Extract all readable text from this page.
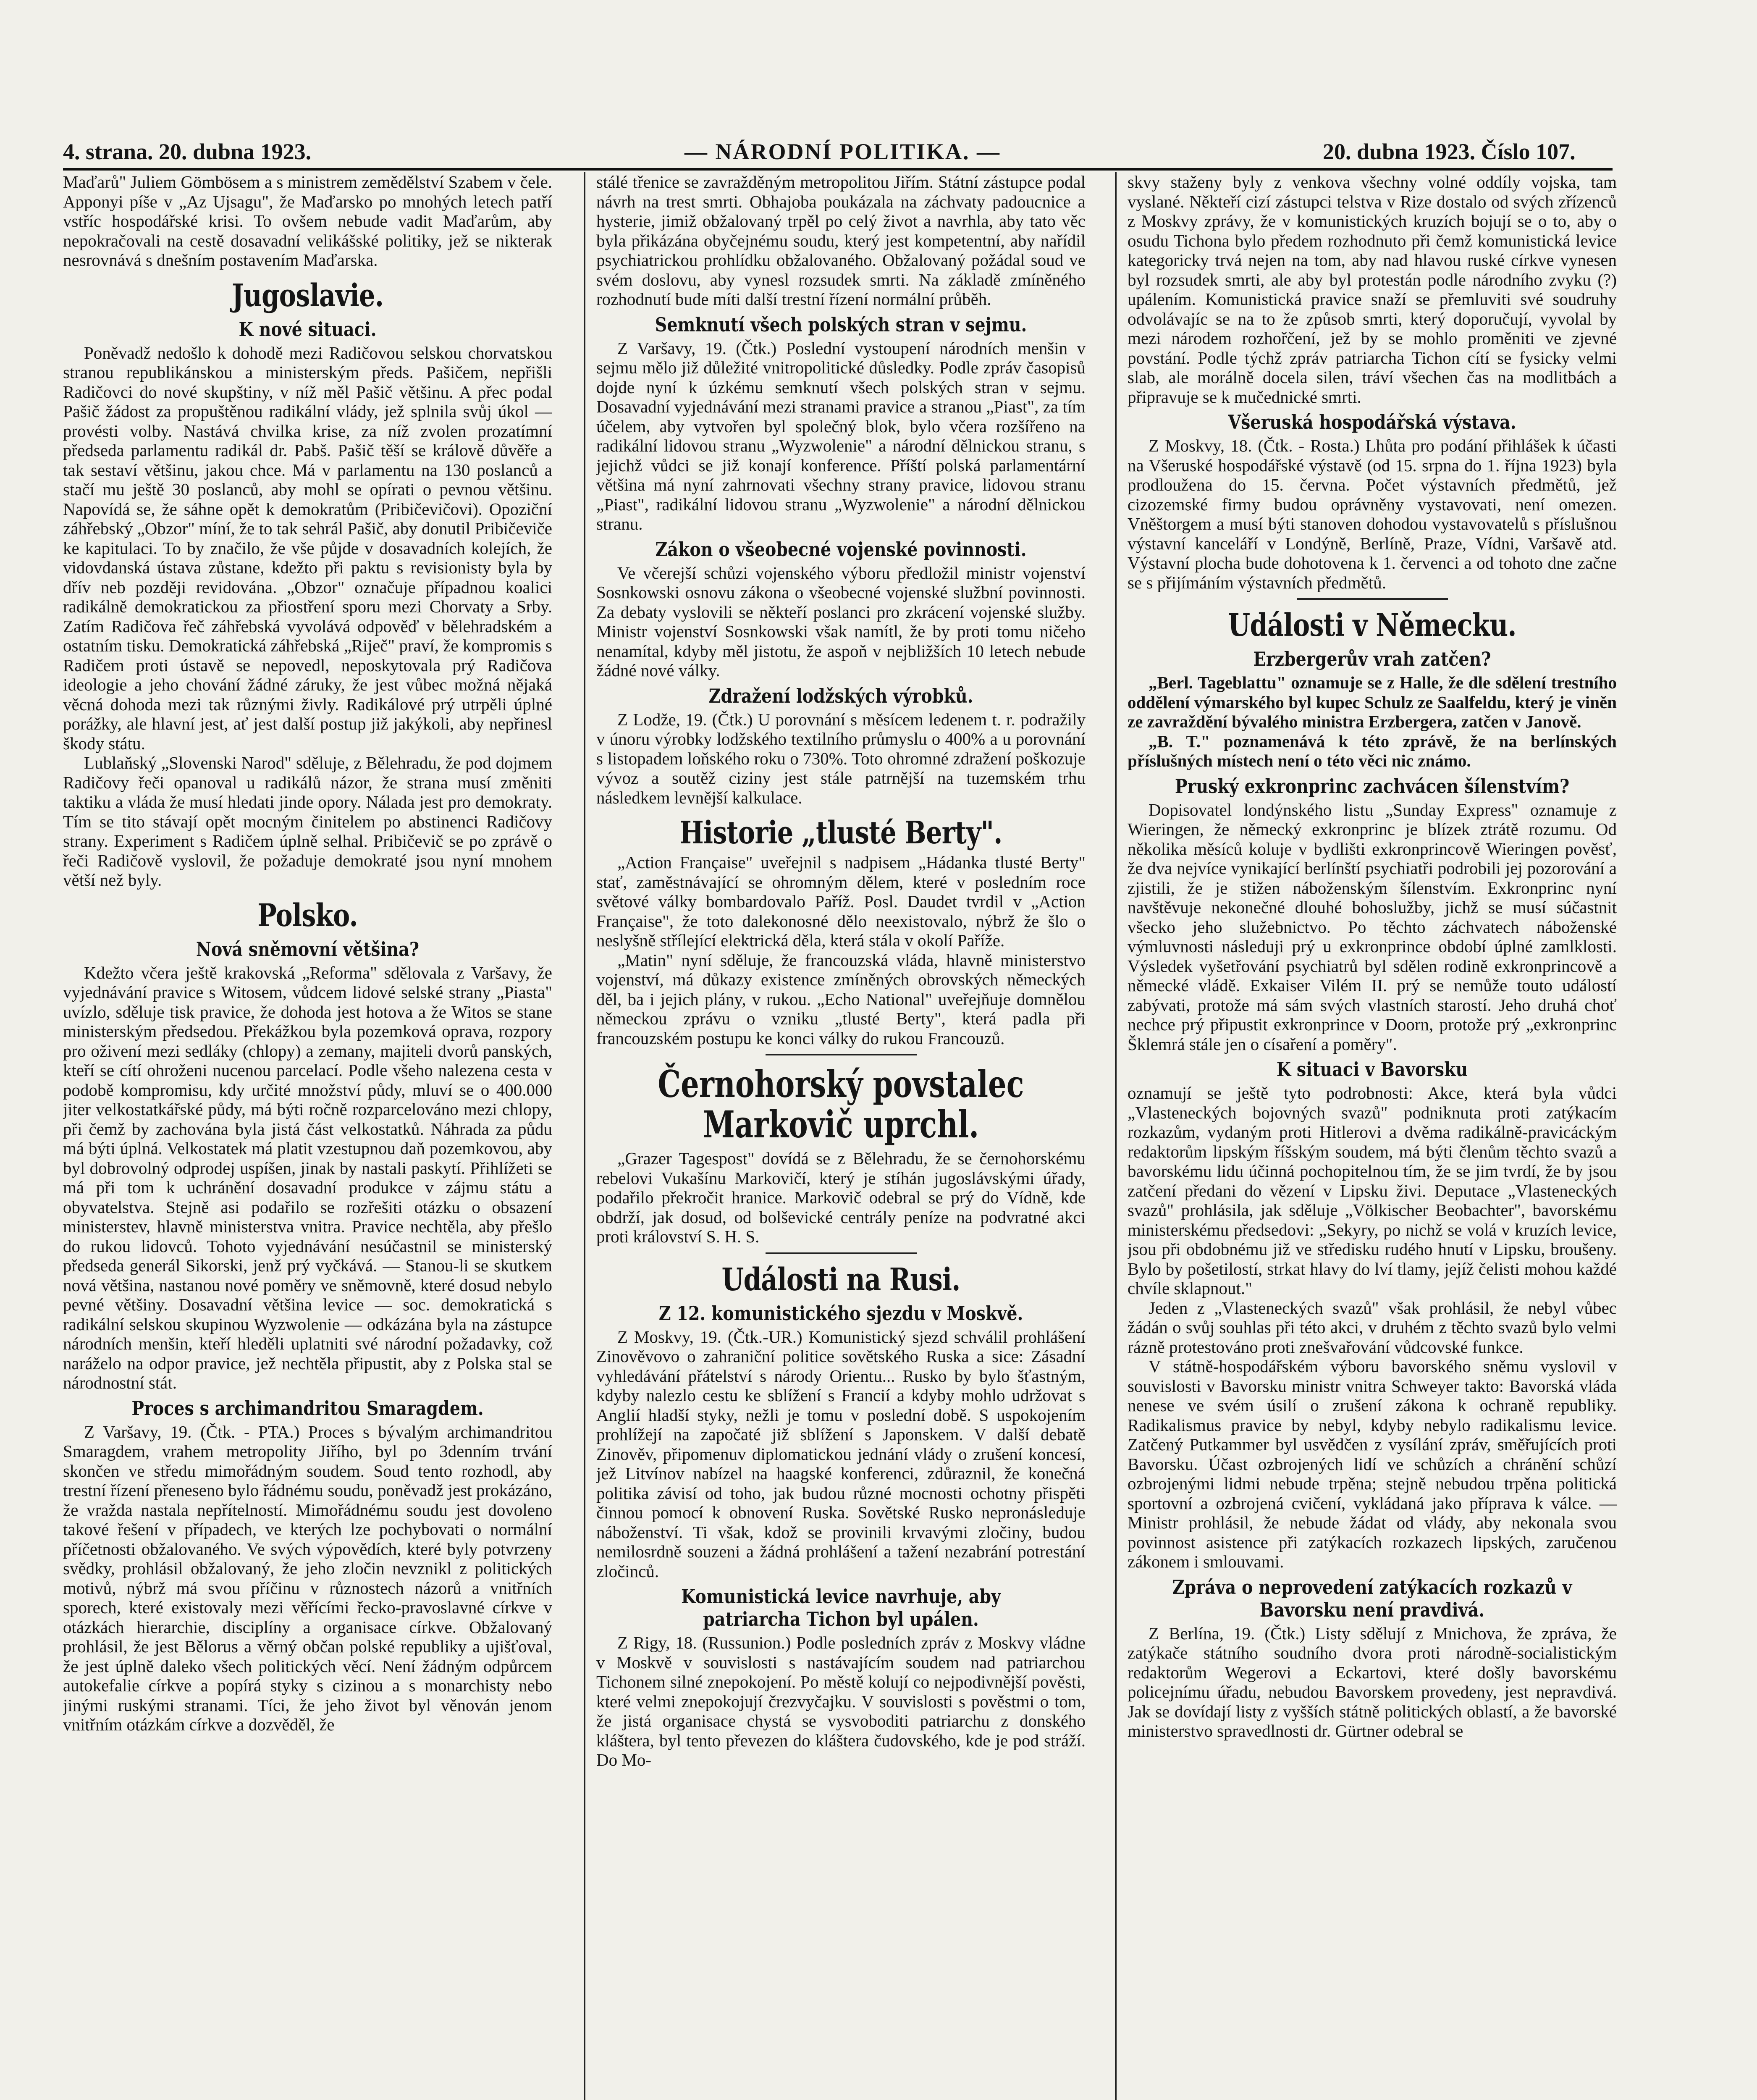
4. strana. 20. dubna 1923.	— NÁRODNÍ POLITIKA. —	20. dubna 1923. Číslo 107.

Maďarů" Juliem Gömbösem a s ministrem zemědělství Szabem v čele. Apponyi píše v „Az Ujsagu", že Maďarsko po mnohých letech patří vstříc hospodářské krisi. To ovšem nebude vadit Maďarům, aby nepokračovali na cestě dosavadní velikášské politiky, jež se nikterak nesrovnává s dnešním postavením Maďarska.

Jugoslavie.
K nové situaci.

Poněvadž nedošlo k dohodě mezi Radičovou selskou chorvatskou stranou republikánskou a ministerským předs. Pašičem, nepřišli Radičovci do nové skupštiny, v níž měl Pašič většinu. A přec podal Pašič žádost za propuštěnou radikální vlády, jež splnila svůj úkol — provésti volby. Nastává chvilka krise, za níž zvolen prozatímní předseda parlamentu radikál dr. Pabš. Pašič těší se králově důvěře a tak sestaví většinu, jakou chce. Má v parlamentu na 130 poslanců a stačí mu ještě 30 poslanců, aby mohl se opírati o pevnou většinu. Napovídá se, že sáhne opět k demokratům (Pribičevičovi). Opoziční záhřebský „Obzor" míní, že to tak sehrál Pašič, aby donutil Pribičeviče ke kapitulaci. To by značilo, že vše půjde v dosavadních kolejích, že vidovdanská ústava zůstane, kdežto při paktu s revisionisty byla by dřív neb později revidována. „Obzor" označuje případnou koalici radikálně demokratickou za přiostření sporu mezi Chorvaty a Srby. Zatím Radičova řeč záhřebská vyvolává odpověď v bělehradském a ostatním tisku. Demokratická záhřebská „Riječ" praví, že kompromis s Radičem proti ústavě se nepovedl, neposkytovala prý Radičova ideologie a jeho chování žádné záruky, že jest vůbec možná nějaká věcná dohoda mezi tak různými živly. Radikálové prý utrpěli úplné porážky, ale hlavní jest, ať jest další postup již jakýkoli, aby nepřinesl škody státu.

Lublaňský „Slovenski Narod" sděluje, z Bělehradu, že pod dojmem Radičovy řeči opanoval u radikálů názor, že strana musí změniti taktiku a vláda že musí hledati jinde opory. Nálada jest pro demokraty. Tím se tito stávají opět mocným činitelem po abstinenci Radičovy strany. Experiment s Radičem úplně selhal. Pribičevič se po zprávě o řeči Radičově vyslovil, že požaduje demokraté jsou nyní mnohem větší než byly.

Polsko.
Nová sněmovní většina?

Kdežto včera ještě krakovská „Reforma" sdělovala z Varšavy, že vyjednávání pravice s Witosem, vůdcem lidové selské strany „Piasta" uvízlo, sděluje tisk pravice, že dohoda jest hotova a že Witos se stane ministerským předsedou. Překážkou byla pozemková oprava, rozpory pro oživení mezi sedláky (chlopy) a zemany, majiteli dvorů panských, kteří se cítí ohroženi nucenou parcelací. Podle všeho nalezena cesta v podobě kompromisu, kdy určité množství půdy, mluví se o 400.000 jiter velkostatkářské půdy, má býti ročně rozparcelováno mezi chlopy, při čemž by zachována byla jistá část velkostatků. Náhrada za půdu má býti úplná. Velkostatek má platit vzestupnou daň pozemkovou, aby byl dobrovolný odprodej uspíšen, jinak by nastali paskytí. Přihlížeti se má při tom k uchránění dosavadní produkce v zájmu státu a obyvatelstva. Stejně asi podařilo se rozřešiti otázku o obsazení ministerstev, hlavně ministerstva vnitra. Pravice nechtěla, aby přešlo do rukou lidovců. Tohoto vyjednávání nesúčastnil se ministerský předseda generál Sikorski, jenž prý vyčkává. — Stanou-li se skutkem nová většina, nastanou nové poměry ve sněmovně, které dosud nebylo pevné většiny. Dosavadní většina levice — soc. demokratická s radikální selskou skupinou Wyzwolenie — odkázána byla na zástupce národních menšin, kteří hleděli uplatniti své národní požadavky, což naráželo na odpor pravice, jež nechtěla připustit, aby z Polska stal se národnostní stát.

Proces s archimandritou Smaragdem.

Z Varšavy, 19. (Čtk. - PTA.) Proces s bývalým archimandritou Smaragdem, vrahem metropolity Jiřího, byl po 3denním trvání skončen ve středu mimořádným soudem. Soud tento rozhodl, aby trestní řízení přeneseno bylo řádnému soudu, poněvadž jest prokázáno, že vražda nastala nepřítelností. Mimořádnému soudu jest dovoleno takové řešení v případech, ve kterých lze pochybovati o normální příčetnosti obžalovaného. Ve svých výpovědích, které byly potvrzeny svědky, prohlásil obžalovaný, že jeho zločin nevznikl z politických motivů, nýbrž má svou příčinu v různostech názorů a vnitřních sporech, které existovaly mezi věřícími řecko-pravoslavné církve v otázkách hierarchie, disciplíny a organisace církve. Obžalovaný prohlásil, že jest Bělorus a věrný občan polské republiky a ujišťoval, že jest úplně daleko všech politických věcí. Není žádným odpůrcem autokefalie církve a popírá styky s cizinou a s monarchisty nebo jinými ruskými stranami. Tíci, že jeho život byl věnován jenom vnitřním otázkám církve a dozvěděl, že

stálé třenice se zavražděným metropolitou Jiřím. Státní zástupce podal návrh na trest smrti. Obhajoba poukázala na záchvaty padoucnice a hysterie, jimiž obžalovaný trpěl po celý život a navrhla, aby tato věc byla přikázána obyčejnému soudu, který jest kompetentní, aby nařídil psychiatrickou prohlídku obžalovaného. Obžalovaný požádal soud ve svém doslovu, aby vynesl rozsudek smrti. Na základě zmíněného rozhodnutí bude míti další trestní řízení normální průběh.

Semknutí všech polských stran v sejmu.

Z Varšavy, 19. (Čtk.) Poslední vystoupení národních menšin v sejmu mělo již důležité vnitropolitické důsledky. Podle zpráv časopisů dojde nyní k úzkému semknutí všech polských stran v sejmu. Dosavadní vyjednávání mezi stranami pravice a stranou „Piast", za tím účelem, aby vytvořen byl společný blok, bylo včera rozšířeno na radikální lidovou stranu „Wyzwolenie" a národní dělnickou stranu, s jejichž vůdci se již konají konference. Příští polská parlamentární většina má nyní zahrnovati všechny strany pravice, lidovou stranu „Piast", radikální lidovou stranu „Wyzwolenie" a národní dělnickou stranu.

Zákon o všeobecné vojenské povinnosti.

Ve včerejší schůzi vojenského výboru předložil ministr vojenství Sosnkowski osnovu zákona o všeobecné vojenské službní povinnosti. Za debaty vyslovili se někteří poslanci pro zkrácení vojenské služby. Ministr vojenství Sosnkowski však namítl, že by proti tomu ničeho nenamítal, kdyby měl jistotu, že aspoň v nejbližších 10 letech nebude žádné nové války.

Zdražení lodžských výrobků.

Z Lodže, 19. (Čtk.) U porovnání s měsícem ledenem t. r. podražily v únoru výrobky lodžského textilního průmyslu o 400% a u porovnání s listopadem loňského roku o 730%. Toto ohromné zdražení poškozuje vývoz a soutěž ciziny jest stále patrnější na tuzemském trhu následkem levnější kalkulace.

Historie „tlusté Berty".

„Action Française" uveřejnil s nadpisem „Hádanka tlusté Berty" stať, zaměstnávající se ohromným dělem, které v posledním roce světové války bombardovalo Paříž. Posl. Daudet tvrdil v „Action Française", že toto dalekonosné dělo neexistovalo, nýbrž že šlo o neslyšně střílející elektrická děla, která stála v okolí Paříže.

„Matin" nyní sděluje, že francouzská vláda, hlavně ministerstvo vojenství, má důkazy existence zmíněných obrovských německých děl, ba i jejich plány, v rukou. „Echo National" uveřejňuje domnělou německou zprávu o vzniku „tlusté Berty", která padla při francouzském postupu ke konci války do rukou Francouzů.

Černohorský povstalec Markovič uprchl.

„Grazer Tagespost" dovídá se z Bělehradu, že se černohorskému rebelovi Vukašínu Markovičí, který je stíhán jugoslávskými úřady, podařilo překročit hranice. Markovič odebral se prý do Vídně, kde obdrží, jak dosud, od bolševické centrály peníze na podvratné akci proti království S. H. S.

Události na Rusi.
Z 12. komunistického sjezdu v Moskvě.

Z Moskvy, 19. (Čtk.-UR.) Komunistický sjezd schválil prohlášení Zinověvovo o zahraniční politice sovětského Ruska a sice: Zásadní vyhledávání přátelství s národy Orientu... Rusko by bylo šťastným, kdyby nalezlo cestu ke sblížení s Francií a kdyby mohlo udržovat s Anglií hladší styky, nežli je tomu v poslední době. S uspokojením prohlížejí na započaté již sblížení s Japonskem. V další debatě Zinověv, připomenuv diplomatickou jednání vlády o zrušení koncesí, jež Litvínov nabízel na haagské konferenci, zdůraznil, že konečná politika závisí od toho, jak budou různé mocnosti ochotny přispěti činnou pomocí k obnovení Ruska. Sovětské Rusko nepronásleduje náboženství. Ti však, kdož se provinili krvavými zločiny, budou nemilosrdně souzeni a žádná prohlášení a tažení nezabrání potrestání zločinců.

Komunistická levice navrhuje, aby patriarcha Tichon byl upálen.

Z Rigy, 18. (Russunion.) Podle posledních zpráv z Moskvy vládne v Moskvě v souvislosti s nastávajícím soudem nad patriarchou Tichonem silné znepokojení. Po městě kolují co nejpodivnější pověsti, které velmi znepokojují črezvyčajku. V souvislosti s pověstmi o tom, že jistá organisace chystá se vysvoboditi patriarchu z donského kláštera, byl tento převezen do kláštera čudovského, kde je pod stráží. Do Mo-

skvy staženy byly z venkova všechny volné oddíly vojska, tam vyslané. Někteří cizí zástupci telstva v Rize dostalo od svých zřízenců z Moskvy zprávy, že v komunistických kruzích bojují se o to, aby o osudu Tichona bylo předem rozhodnuto při čemž komunistická levice kategoricky trvá nejen na tom, aby nad hlavou ruské církve vynesen byl rozsudek smrti, ale aby byl protestán podle národního zvyku (?) upálením. Komunistická pravice snaží se přemluviti své soudruhy odvolávajíc se na to že způsob smrti, který doporučují, vyvolal by mezi národem rozhořčení, jež by se mohlo proměniti ve zjevné povstání. Podle týchž zpráv patriarcha Tichon cítí se fysicky velmi slab, ale morálně docela silen, tráví všechen čas na modlitbách a připravuje se k mučednické smrti.

Všeruská hospodářská výstava.

Z Moskvy, 18. (Čtk. - Rosta.) Lhůta pro podání přihlášek k účasti na Všeruské hospodářské výstavě (od 15. srpna do 1. října 1923) byla prodloužena do 15. června. Počet výstavních předmětů, jež cizozemské firmy budou oprávněny vystavovati, není omezen. Vněštorgem a musí býti stanoven dohodou vystavovatelů s příslušnou výstavní kanceláří v Londýně, Berlíně, Praze, Vídni, Varšavě atd. Výstavní plocha bude dohotovena k 1. červenci a od tohoto dne začne se s přijímáním výstavních předmětů.

Události v Německu.
Erzbergerův vrah zatčen?

„Berl. Tageblattu" oznamuje se z Halle, že dle sdělení trestního oddělení výmarského byl kupec Schulz ze Saalfeldu, který je viněn ze zavraždění bývalého ministra Erzbergera, zatčen v Janově.

„B. T." poznamenává k této zprávě, že na berlínských příslušných místech není o této věci nic známo.

Pruský exkronprinc zachvácen šílenstvím?

Dopisovatel londýnského listu „Sunday Express" oznamuje z Wieringen, že německý exkronprinc je blízek ztrátě rozumu. Od několika měsíců koluje v bydlišti exkronprincově Wieringen pověsť, že dva nejvíce vynikající berlínští psychiatři podrobili jej pozorování a zjistili, že je stižen náboženským šílenstvím. Exkronprinc nyní navštěvuje nekonečné dlouhé bohoslužby, jichž se musí súčastnit všecko jeho služebnictvo. Po těchto záchvatech náboženské výmluvnosti následuji prý u exkronprince období úplné zamlklosti. Výsledek vyšetřování psychiatrů byl sdělen rodině exkronprincově a německé vládě. Exkaiser Vilém II. prý se nemůže touto událostí zabývati, protože má sám svých vlastních starostí. Jeho druhá choť nechce prý připustit exkronprince v Doorn, protože prý „exkronprinc Šklemrá stále jen o císaření a poměry".

K situaci v Bavorsku

oznamují se ještě tyto podrobnosti: Akce, která byla vůdci „Vlasteneckých bojovných svazů" podniknuta proti zatýkacím rozkazům, vydaným proti Hitlerovi a dvěma radikálně-pravicáckým redaktorům lipským říšským soudem, má býti členům těchto svazů a bavorskému lidu účinná pochopitelnou tím, že se jim tvrdí, že by jsou zatčení předani do vězení v Lipsku živi. Deputace „Vlasteneckých svazů" prohlásila, jak sděluje „Völkischer Beobachter", bavorskému ministerskému předsedovi: „Sekyry, po nichž se volá v kruzích levice, jsou při obdobnému již ve středisku rudého hnutí v Lipsku, broušeny. Bylo by pošetilostí, strkat hlavy do lví tlamy, jejíž čelisti mohou každé chvíle sklapnout."

Jeden z „Vlasteneckých svazů" však prohlásil, že nebyl vůbec žádán o svůj souhlas při této akci, v druhém z těchto svazů bylo velmi rázně protestováno proti znešvařování vůdcovské funkce.

V státně-hospodářském výboru bavorského sněmu vyslovil v souvislosti v Bavorsku ministr vnitra Schweyer takto: Bavorská vláda nenese ve svém úsilí o zrušení zákona k ochraně republiky. Radikalismus pravice by nebyl, kdyby nebylo radikalismu levice. Zatčený Putkammer byl usvědčen z vysílání zpráv, směřujících proti Bavorsku. Účast ozbrojených lidí ve schůzích a chránění schůzí ozbrojenými lidmi nebude trpěna; stejně nebudou trpěna politická sportovní a ozbrojená cvičení, vykládaná jako příprava k válce. — Ministr prohlásil, že nebude žádat od vlády, aby nekonala svou povinnost asistence při zatýkacích rozkazech lipských, zaručenou zákonem i smlouvami.

Zpráva o neprovedení zatýkacích rozkazů v Bavorsku není pravdivá.

Z Berlína, 19. (Čtk.) Listy sdělují z Mnichova, že zpráva, že zatýkače státního soudního dvora proti národně-socialistickým redaktorům Wegerovi a Eckartovi, které došly bavorskému policejnímu úřadu, nebudou Bavorskem provedeny, jest nepravdivá. Jak se dovídají listy z vyšších státně politických oblastí, a že bavorské ministerstvo spravedlnosti dr. Gürtner odebral se
